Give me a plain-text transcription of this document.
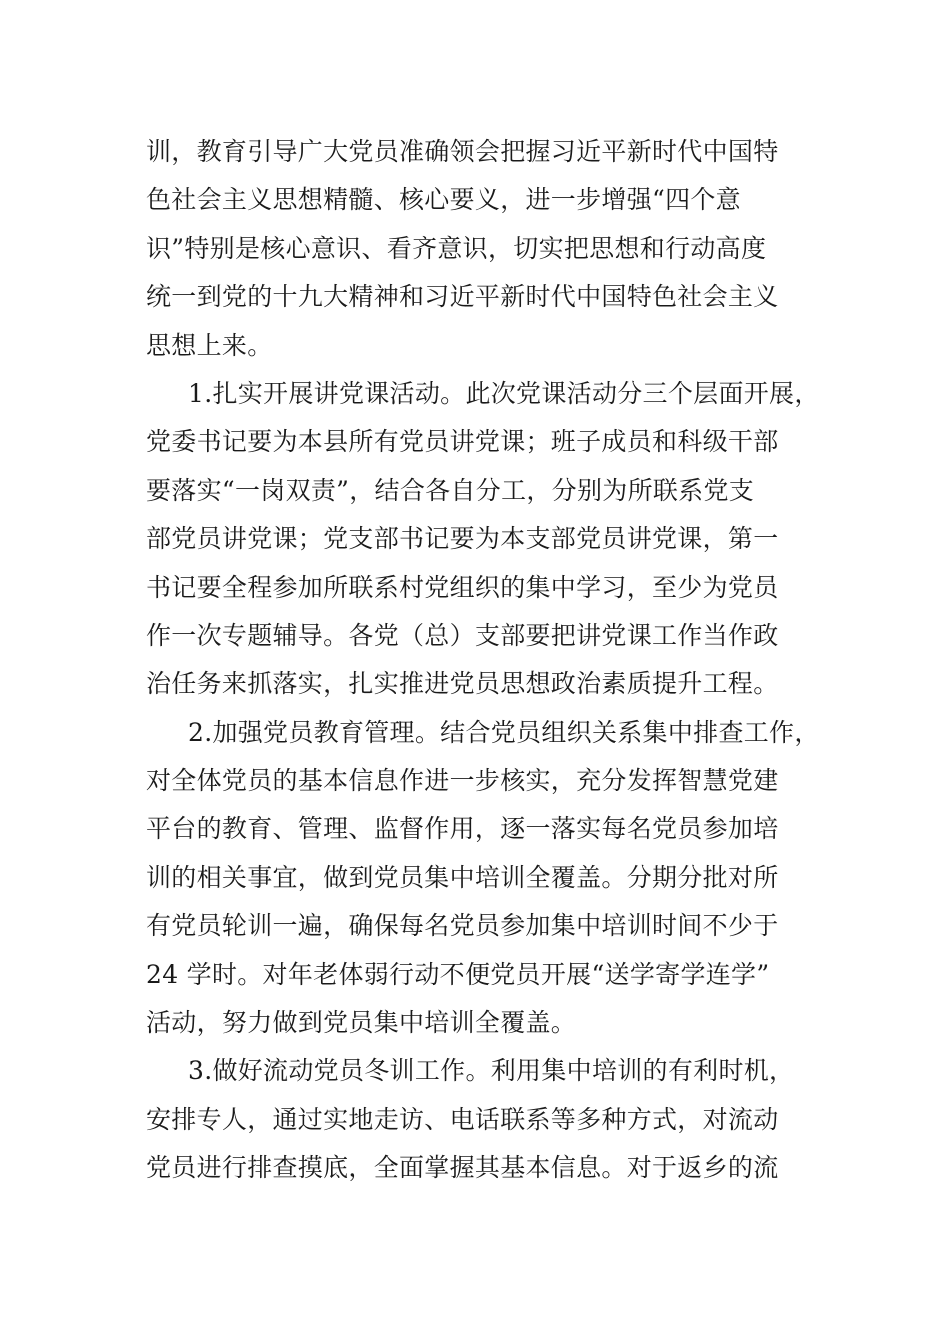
训，教育引导广大党员准确领会把握习近平新时代中国特
色社会主义思想精髓、核心要义，进一步增强“四个意
识”特别是核心意识、看齐意识，切实把思想和行动高度
统一到党的十九大精神和习近平新时代中国特色社会主义
思想上来。
1.扎实开展讲党课活动。此次党课活动分三个层面开展，
党委书记要为本县所有党员讲党课；班子成员和科级干部
要落实“一岗双责”，结合各自分工，分别为所联系党支
部党员讲党课；党支部书记要为本支部党员讲党课，第一
书记要全程参加所联系村党组织的集中学习，至少为党员
作一次专题辅导。各党（总）支部要把讲党课工作当作政
治任务来抓落实，扎实推进党员思想政治素质提升工程。
2.加强党员教育管理。结合党员组织关系集中排查工作，
对全体党员的基本信息作进一步核实，充分发挥智慧党建
平台的教育、管理、监督作用，逐一落实每名党员参加培
训的相关事宜，做到党员集中培训全覆盖。分期分批对所
有党员轮训一遍，确保每名党员参加集中培训时间不少于
24 学时。对年老体弱行动不便党员开展“送学寄学连学”
活动，努力做到党员集中培训全覆盖。
3.做好流动党员冬训工作。利用集中培训的有利时机，
安排专人，通过实地走访、电话联系等多种方式，对流动
党员进行排查摸底，全面掌握其基本信息。对于返乡的流
